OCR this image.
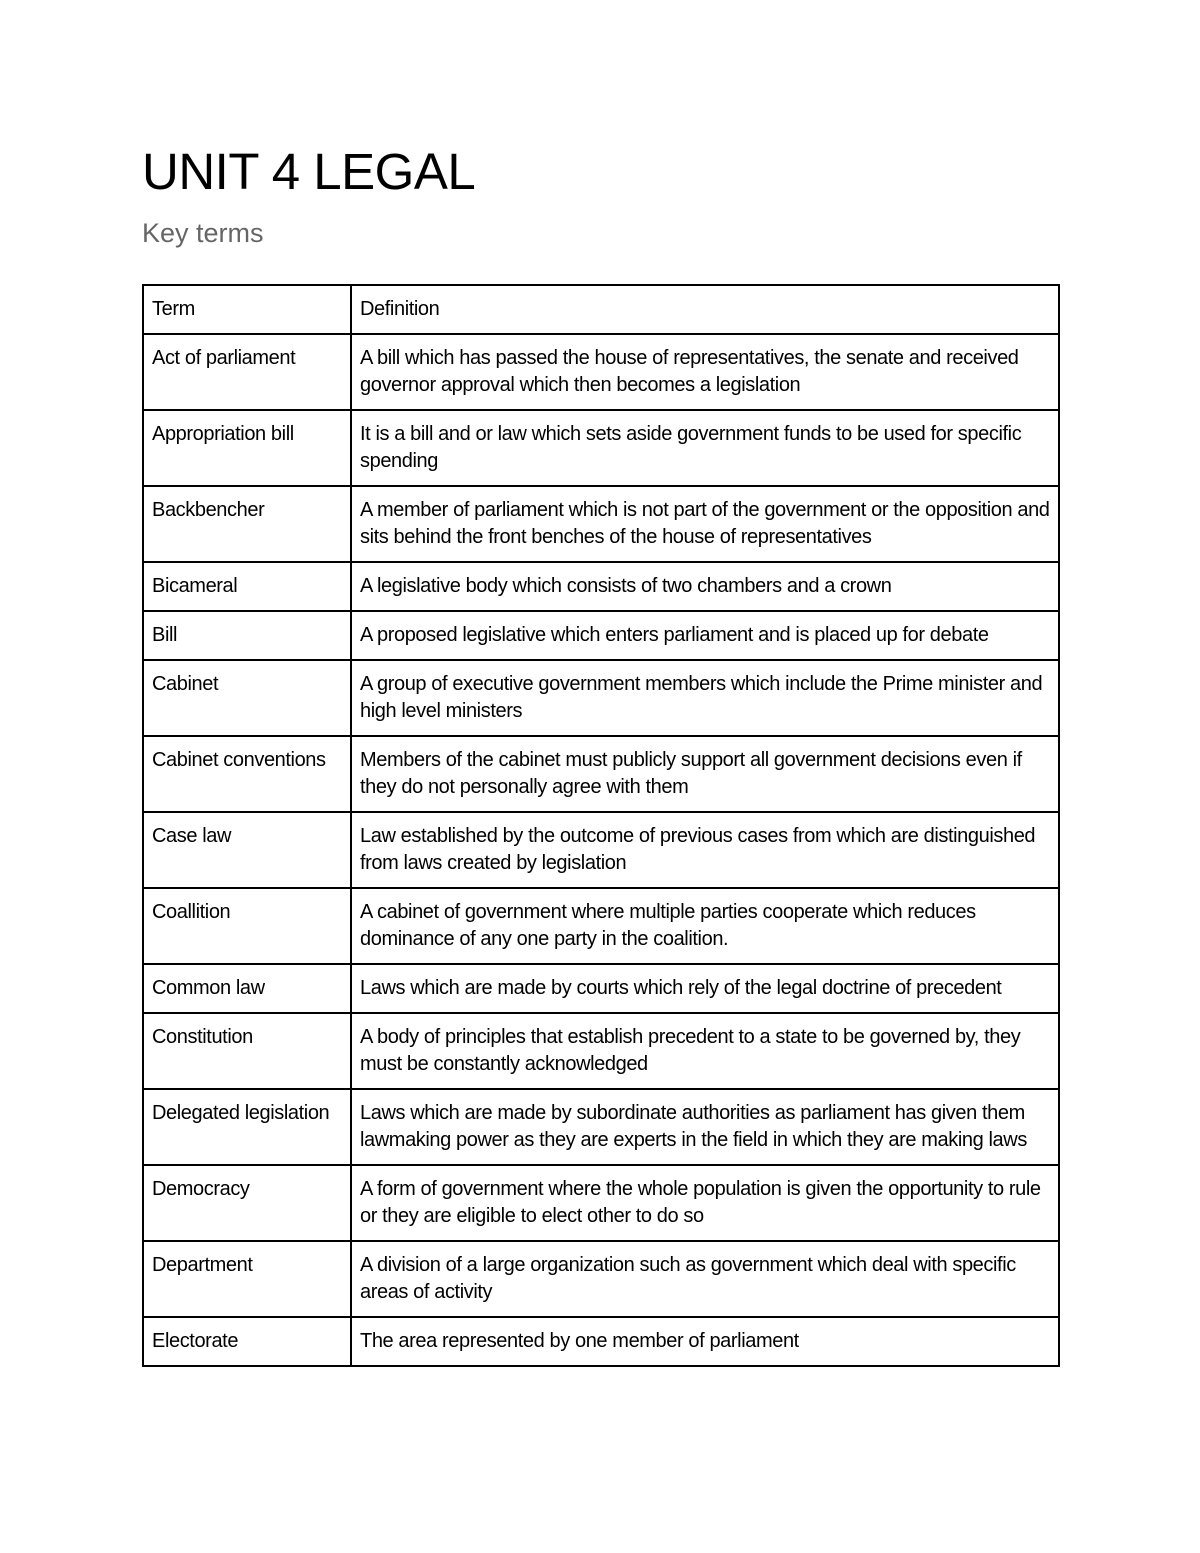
UNIT 4 LEGAL
Key terms
Term	Definition
Act of parliament	A bill which has passed the house of representatives, the senate and received governor approval which then becomes a legislation
Appropriation bill	It is a bill and or law which sets aside government funds to be used for specific spending
Backbencher	A member of parliament which is not part of the government or the opposition and sits behind the front benches of the house of representatives
Bicameral	A legislative body which consists of two chambers and a crown
Bill	A proposed legislative which enters parliament and is placed up for debate
Cabinet	A group of executive government members which include the Prime minister and high level ministers
Cabinet conventions	Members of the cabinet must publicly support all government decisions even if they do not personally agree with them
Case law	Law established by the outcome of previous cases from which are distinguished from laws created by legislation
Coallition	A cabinet of government where multiple parties cooperate which reduces dominance of any one party in the coalition.
Common law	Laws which are made by courts which rely of the legal doctrine of precedent
Constitution	A body of principles that establish precedent to a state to be governed by, they must be constantly acknowledged
Delegated legislation	Laws which are made by subordinate authorities as parliament has given them lawmaking power as they are experts in the field in which they are making laws
Democracy	A form of government where the whole population is given the opportunity to rule or they are eligible to elect other to do so
Department	A division of a large organization such as government which deal with specific areas of activity
Electorate	The area represented by one member of parliament
